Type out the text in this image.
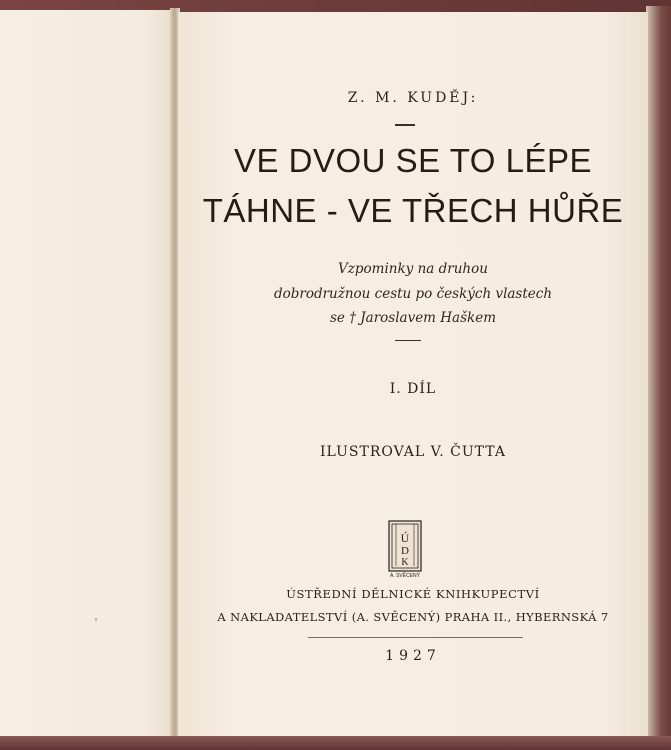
Z. M. KUDĚJ:

VE DVOU SE TO LÉPE
TÁHNE - VE TŘECH HŮŘE

Vzpominky na druhou

dobrodružnou cestu po českých vlastech

se † Jaroslavem Haškem

I. DÍL

ILUSTROVAL V. ČUTTA

Ú
D
K
A. SVĚCENÝ

ÚSTŘEDNÍ DĚLNICKÉ KNIHKUPECTVÍ

A NAKLADATELSTVÍ (A. SVĚCENÝ) PRAHA II., HYBERNSKÁ 7

1927
